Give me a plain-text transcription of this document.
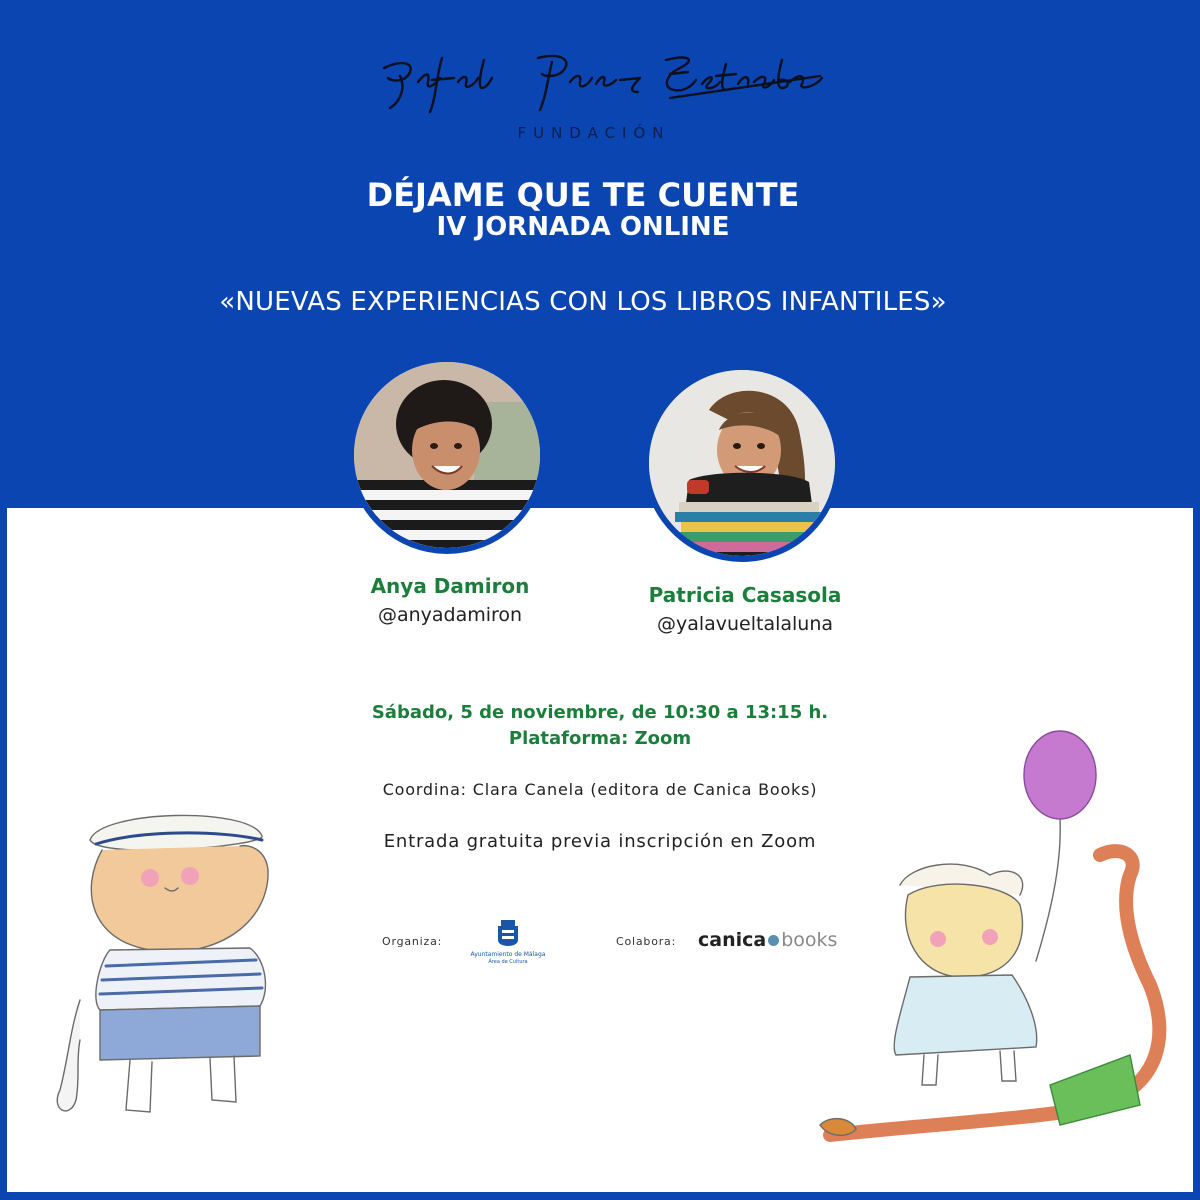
FUNDACIÓN
DÉJAME QUE TE CUENTE
IV JORNADA ONLINE
«NUEVAS EXPERIENCIAS CON LOS LIBROS INFANTILES»
Anya Damiron
@anyadamiron
Patricia Casasola
@yalavueltalaluna
Sábado, 5 de noviembre, de 10:30 a 13:15 h.
Plataforma: Zoom
Coordina: Clara Canela (editora de Canica Books)
Entrada gratuita previa inscripción en Zoom
Organiza:
Ayuntamiento de Málaga
Área de Cultura
Colabora: canica books
